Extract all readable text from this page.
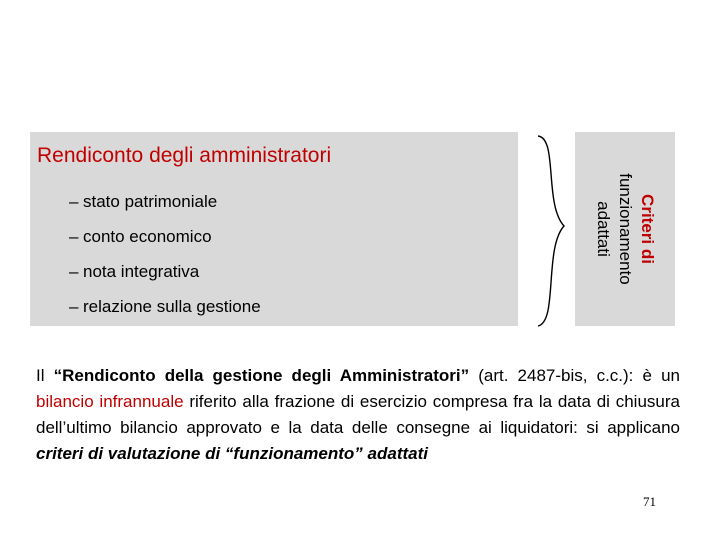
Rendiconto degli amministratori
– stato patrimoniale
– conto economico
– nota integrativa
– relazione sulla gestione
Criteri di
funzionamento
adattati

Il “Rendiconto della gestione degli Amministratori” (art. 2487-bis, c.c.): è un bilancio infrannuale riferito alla frazione di esercizio compresa fra la data di chiusura dell’ultimo bilancio approvato e la data delle consegne ai liquidatori: si applicano criteri di valutazione di “funzionamento” adattati

71
